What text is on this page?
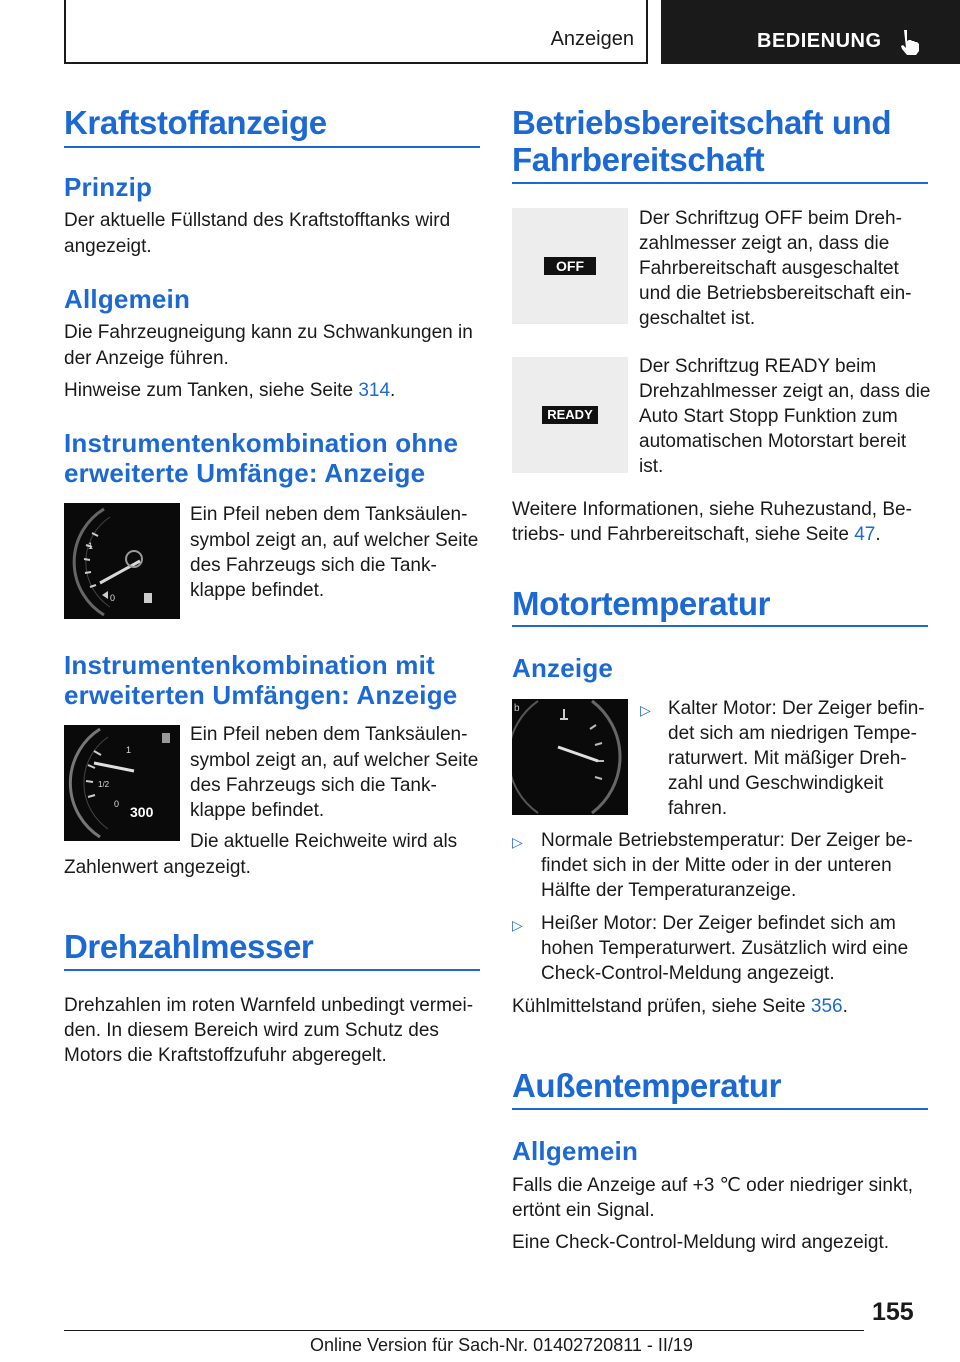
Anzeigen	BEDIENUNG
Kraftstoffanzeige
Prinzip
Der aktuelle Füllstand des Kraftstofftanks wird
angezeigt.
Allgemein
Die Fahrzeugneigung kann zu Schwankungen in
der Anzeige führen.
Hinweise zum Tanken, siehe Seite 314.
Instrumentenkombination ohne
erweiterte Umfänge: Anzeige
1
0
Ein Pfeil neben dem Tanksäulen-
symbol zeigt an, auf welcher Seite
des Fahrzeugs sich die Tank-
klappe befindet.
Instrumentenkombination mit
erweiterten Umfängen: Anzeige
1
1/2
0 300
Ein Pfeil neben dem Tanksäulen-
symbol zeigt an, auf welcher Seite
des Fahrzeugs sich die Tank-
klappe befindet.
Die aktuelle Reichweite wird als
Zahlenwert angezeigt.
Drehzahlmesser
Drehzahlen im roten Warnfeld unbedingt vermei-
den. In diesem Bereich wird zum Schutz des
Motors die Kraftstoffzufuhr abgeregelt.
Betriebsbereitschaft und
Fahrbereitschaft
OFF
Der Schriftzug OFF beim Dreh-
zahlmesser zeigt an, dass die
Fahrbereitschaft ausgeschaltet
und die Betriebsbereitschaft ein-
geschaltet ist.
READY
Der Schriftzug READY beim
Drehzahlmesser zeigt an, dass die
Auto Start Stopp Funktion zum
automatischen Motorstart bereit
ist.
Weitere Informationen, siehe Ruhezustand, Be-
triebs- und Fahrbereitschaft, siehe Seite 47.
Motortemperatur
Anzeige
b	▷ Kalter Motor: Der Zeiger befin-
det sich am niedrigen Tempe-
raturwert. Mit mäßiger Dreh-
zahl und Geschwindigkeit
fahren.
▷ Normale Betriebstemperatur: Der Zeiger be-
findet sich in der Mitte oder in der unteren
Hälfte der Temperaturanzeige.
▷ Heißer Motor: Der Zeiger befindet sich am
hohen Temperaturwert. Zusätzlich wird eine
Check-Control-Meldung angezeigt.
Kühlmittelstand prüfen, siehe Seite 356.
Außentemperatur
Allgemein
Falls die Anzeige auf +3 ℃ oder niedriger sinkt,
ertönt ein Signal.
Eine Check-Control-Meldung wird angezeigt.
155
Online Version für Sach-Nr. 01402720811 - II/19
